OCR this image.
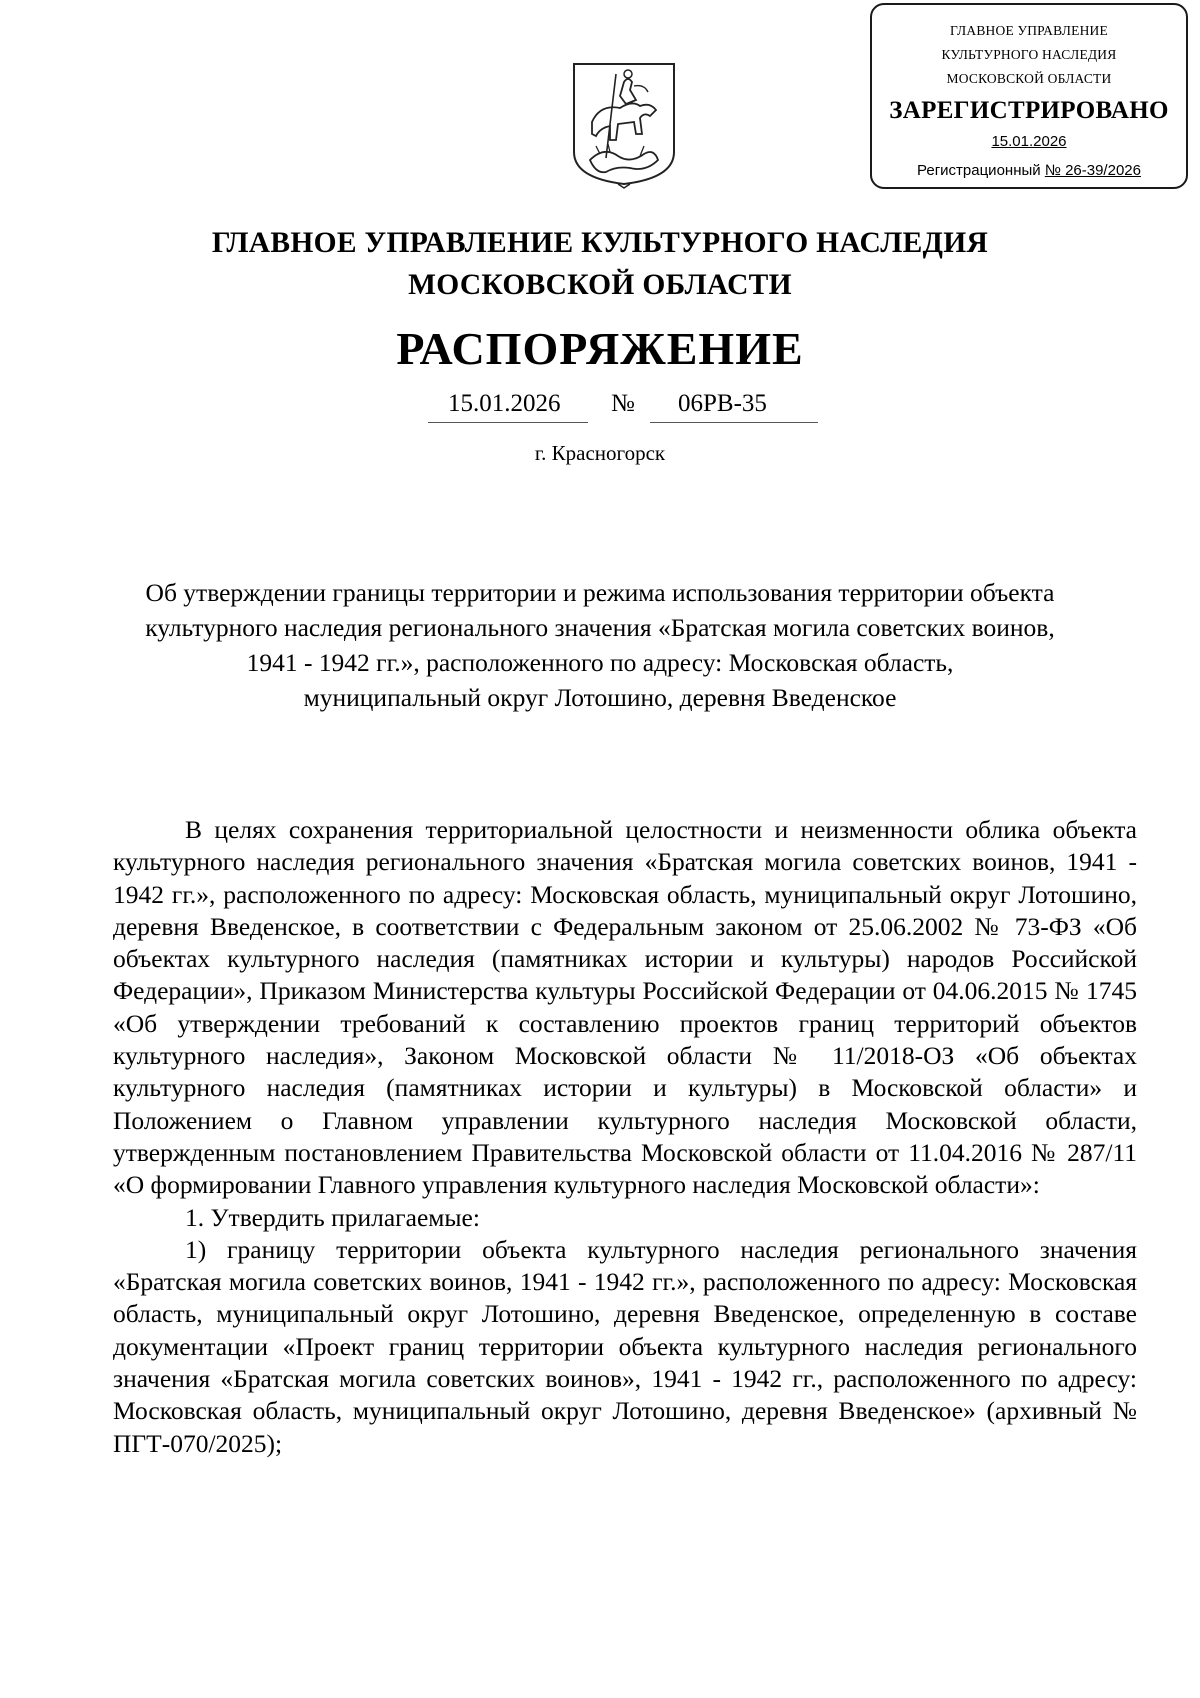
ГЛАВНОЕ УПРАВЛЕНИЕ
КУЛЬТУРНОГО НАСЛЕДИЯ
МОСКОВСКОЙ ОБЛАСТИ
ЗАРЕГИСТРИРОВАНО
15.01.2026
Регистрационный № 26-39/2026
ГЛАВНОЕ УПРАВЛЕНИЕ КУЛЬТУРНОГО НАСЛЕДИЯ
МОСКОВСКОЙ ОБЛАСТИ
РАСПОРЯЖЕНИЕ
15.01.2026 № 06РВ-35
г. Красногорск
Об утверждении границы территории и режима использования территории объекта
культурного наследия регионального значения «Братская могила советских воинов,
1941 - 1942 гг.», расположенного по адресу: Московская область,
муниципальный округ Лотошино, деревня Введенское

В целях сохранения территориальной целостности и неизменности облика объекта культурного наследия регионального значения «Братская могила советских воинов, 1941 - 1942 гг.», расположенного по адресу: Московская область, муниципальный округ Лотошино, деревня Введенское, в соответствии с Федеральным законом от 25.06.2002 № 73-ФЗ «Об объектах культурного наследия (памятниках истории и культуры) народов Российской Федерации», Приказом Министерства культуры Российской Федерации от 04.06.2015 № 1745 «Об утверждении требований к составлению проектов границ территорий объектов культурного наследия», Законом Московской области № 11/2018-ОЗ «Об объектах культурного наследия (памятниках истории и культуры) в Московской области» и Положением о Главном управлении культурного наследия Московской области, утвержденным постановлением Правительства Московской области от 11.04.2016 № 287/11 «О формировании Главного управления культурного наследия Московской области»:

1. Утвердить прилагаемые:

1) границу территории объекта культурного наследия регионального значения «Братская могила советских воинов, 1941 - 1942 гг.», расположенного по адресу: Московская область, муниципальный округ Лотошино, деревня Введенское, определенную в составе документации «Проект границ территории объекта культурного наследия регионального значения «Братская могила советских воинов», 1941 - 1942 гг., расположенного по адресу: Московская область, муниципальный округ Лотошино, деревня Введенское» (архивный № ПГТ-070/2025);
